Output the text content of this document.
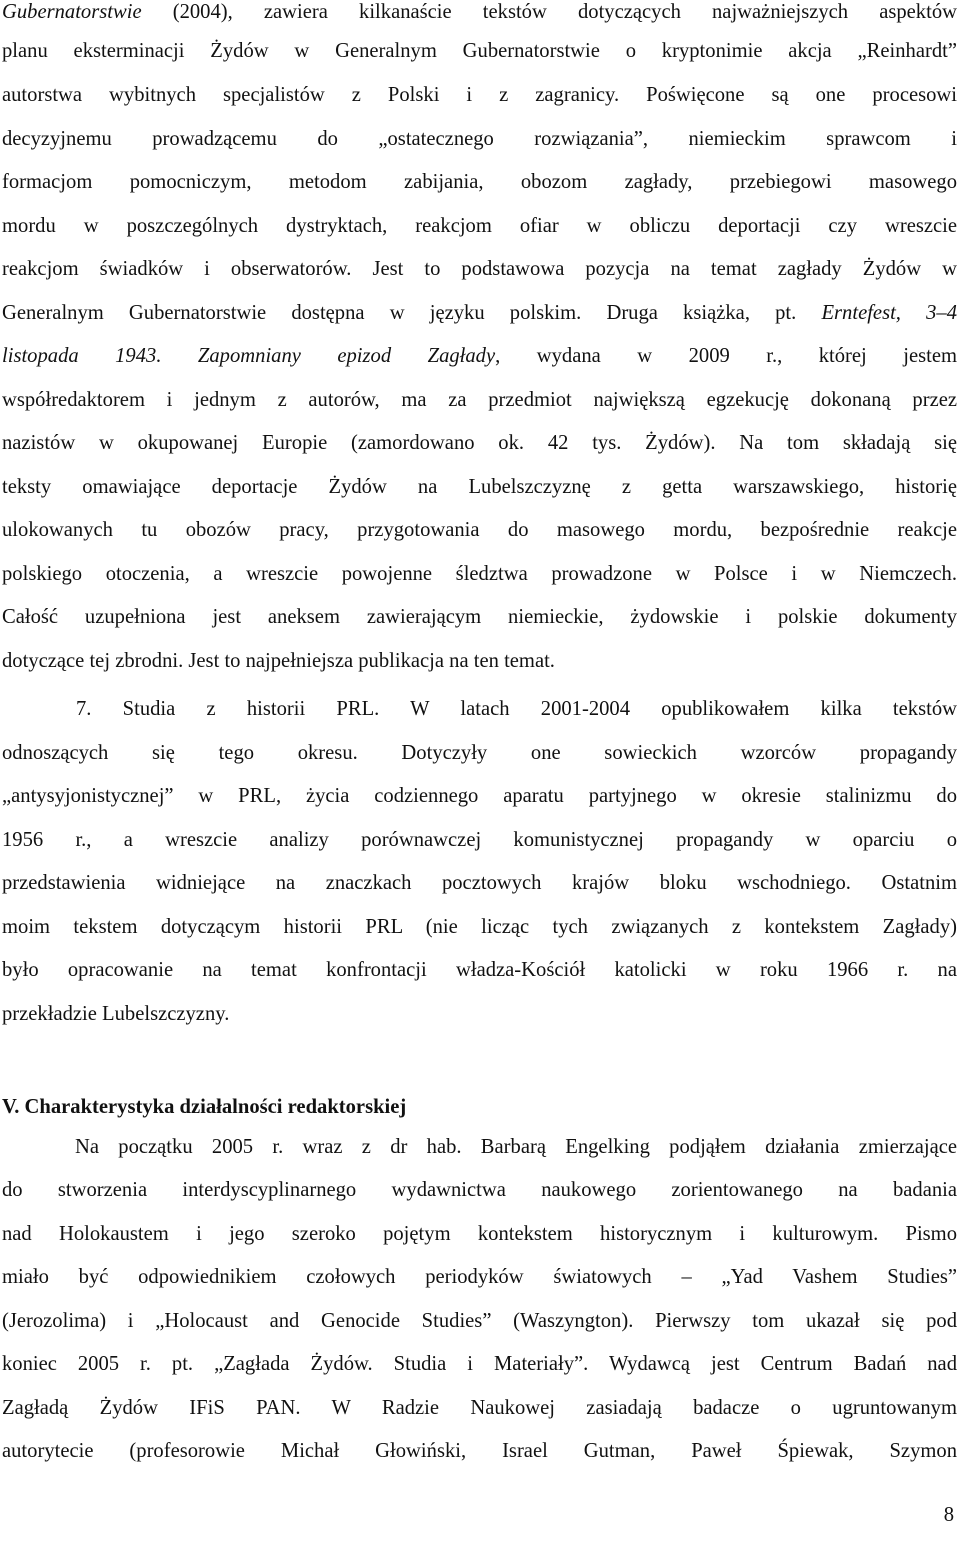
Gubernatorstwie (2004), zawiera kilkanaście tekstów dotyczących najważniejszych aspektów
planu eksterminacji Żydów w Generalnym Gubernatorstwie o kryptonimie akcja „Reinhardt”
autorstwa wybitnych specjalistów z Polski i z zagranicy. Poświęcone są one procesowi
decyzyjnemu prowadzącemu do „ostatecznego rozwiązania”, niemieckim sprawcom i
formacjom pomocniczym, metodom zabijania, obozom zagłady, przebiegowi masowego
mordu w poszczególnych dystryktach, reakcjom ofiar w obliczu deportacji czy wreszcie
reakcjom świadków i obserwatorów. Jest to podstawowa pozycja na temat zagłady Żydów w
Generalnym Gubernatorstwie dostępna w języku polskim. Druga książka, pt. Erntefest, 3–4
listopada 1943. Zapomniany epizod Zagłady, wydana w 2009 r., której jestem
współredaktorem i jednym z autorów, ma za przedmiot największą egzekucję dokonaną przez
nazistów w okupowanej Europie (zamordowano ok. 42 tys. Żydów). Na tom składają się
teksty omawiające deportacje Żydów na Lubelszczyznę z getta warszawskiego, historię
ulokowanych tu obozów pracy, przygotowania do masowego mordu, bezpośrednie reakcje
polskiego otoczenia, a wreszcie powojenne śledztwa prowadzone w Polsce i w Niemczech.
Całość uzupełniona jest aneksem zawierającym niemieckie, żydowskie i polskie dokumenty
dotyczące tej zbrodni. Jest to najpełniejsza publikacja na ten temat.
7. Studia z historii PRL. W latach 2001-2004 opublikowałem kilka tekstów
odnoszących się tego okresu. Dotyczyły one sowieckich wzorców propagandy
„antysyjonistycznej” w PRL, życia codziennego aparatu partyjnego w okresie stalinizmu do
1956 r., a wreszcie analizy porównawczej komunistycznej propagandy w oparciu o
przedstawienia widniejące na znaczkach pocztowych krajów bloku wschodniego. Ostatnim
moim tekstem dotyczącym historii PRL (nie licząc tych związanych z kontekstem Zagłady)
było opracowanie na temat konfrontacji władza-Kościół katolicki w roku 1966 r. na
przekładzie Lubelszczyzny.
V. Charakterystyka działalności redaktorskiej
Na początku 2005 r. wraz z dr hab. Barbarą Engelking podjąłem działania zmierzające
do stworzenia interdyscyplinarnego wydawnictwa naukowego zorientowanego na badania
nad Holokaustem i jego szeroko pojętym kontekstem historycznym i kulturowym. Pismo
miało być odpowiednikiem czołowych periodyków światowych – „Yad Vashem Studies”
(Jerozolima) i „Holocaust and Genocide Studies” (Waszyngton). Pierwszy tom ukazał się pod
koniec 2005 r. pt. „Zagłada Żydów. Studia i Materiały”. Wydawcą jest Centrum Badań nad
Zagładą Żydów IFiS PAN. W Radzie Naukowej zasiadają badacze o ugruntowanym
autorytecie (profesorowie Michał Głowiński, Israel Gutman, Paweł Śpiewak, Szymon
8
